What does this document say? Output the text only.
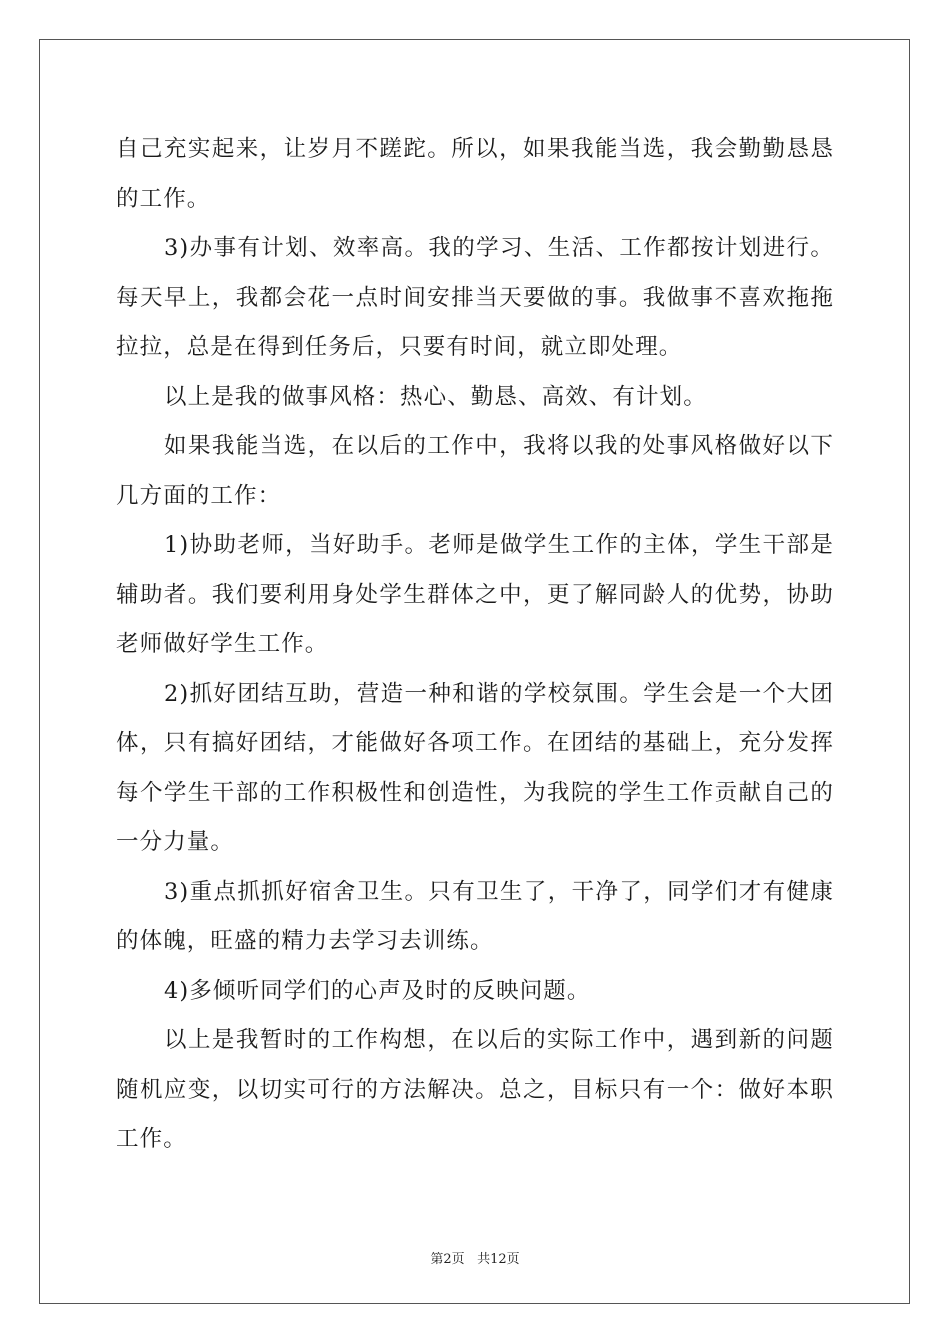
自己充实起来，让岁月不蹉跎。所以，如果我能当选，我会勤勤恳恳
的工作。
3)办事有计划、效率高。我的学习、生活、工作都按计划进行。
每天早上，我都会花一点时间安排当天要做的事。我做事不喜欢拖拖
拉拉，总是在得到任务后，只要有时间，就立即处理。
以上是我的做事风格：热心、勤恳、高效、有计划。
如果我能当选，在以后的工作中，我将以我的处事风格做好以下
几方面的工作：
1)协助老师，当好助手。老师是做学生工作的主体，学生干部是
辅助者。我们要利用身处学生群体之中，更了解同龄人的优势，协助
老师做好学生工作。
2)抓好团结互助，营造一种和谐的学校氛围。学生会是一个大团
体，只有搞好团结，才能做好各项工作。在团结的基础上，充分发挥
每个学生干部的工作积极性和创造性，为我院的学生工作贡献自己的
一分力量。
3)重点抓抓好宿舍卫生。只有卫生了，干净了，同学们才有健康
的体魄，旺盛的精力去学习去训练。
4)多倾听同学们的心声及时的反映问题。
以上是我暂时的工作构想，在以后的实际工作中，遇到新的问题
随机应变，以切实可行的方法解决。总之，目标只有一个：做好本职
工作。
第2页 共12页
